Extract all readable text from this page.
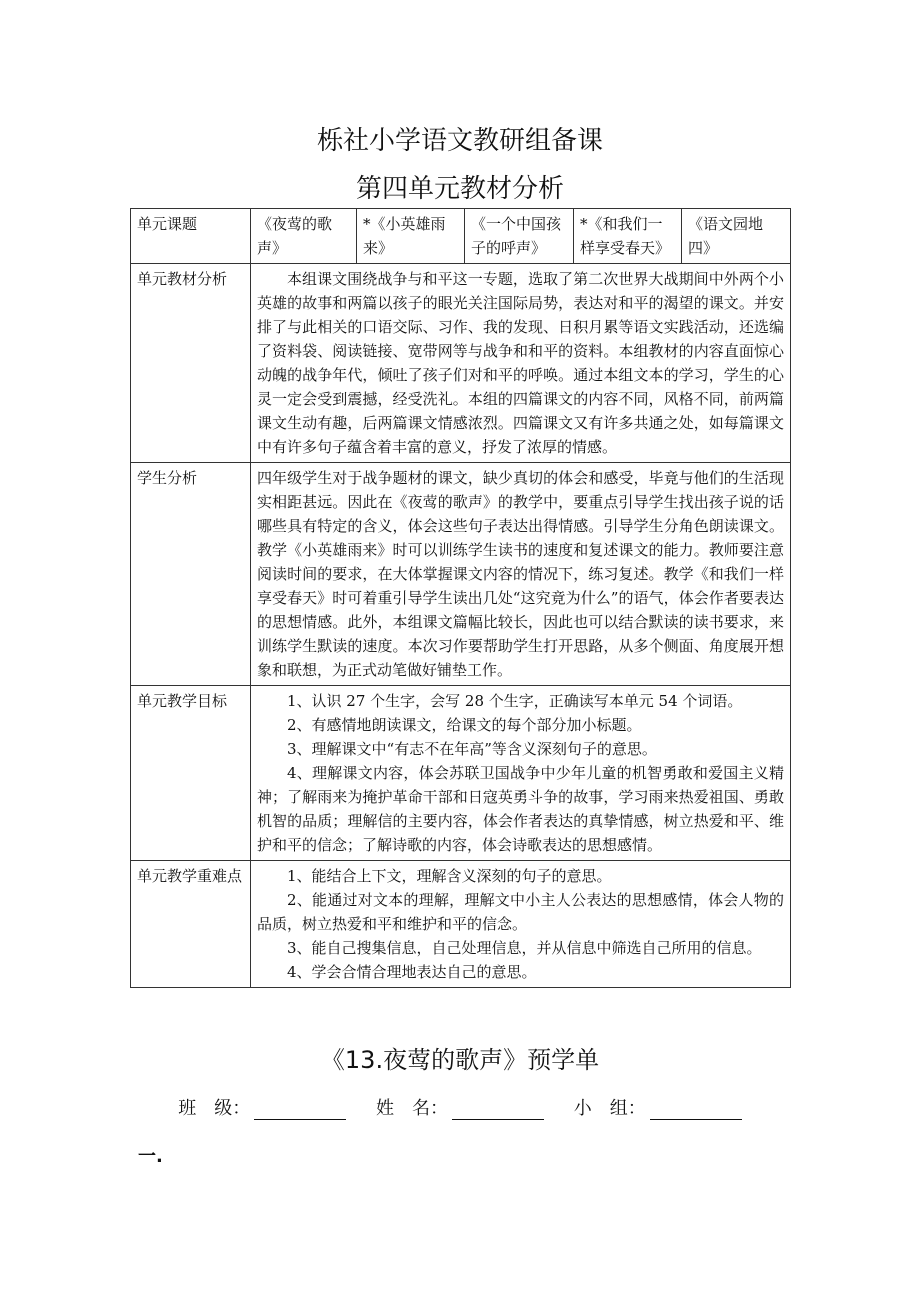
栎社小学语文教研组备课
第四单元教材分析
单元课题	《夜莺的歌声》	*《小英雄雨来》	《一个中国孩子的呼声》	*《和我们一样享受春天》	《语文园地四》
单元教材分析	本组课文围绕战争与和平这一专题，选取了第二次世界大战期间中外两个小英雄的故事和两篇以孩子的眼光关注国际局势，表达对和平的渴望的课文。并安排了与此相关的口语交际、习作、我的发现、日积月累等语文实践活动，还选编了资料袋、阅读链接、宽带网等与战争和和平的资料。本组教材的内容直面惊心动魄的战争年代，倾吐了孩子们对和平的呼唤。通过本组文本的学习，学生的心灵一定会受到震撼，经受洗礼。本组的四篇课文的内容不同，风格不同，前两篇课文生动有趣，后两篇课文情感浓烈。四篇课文又有许多共通之处，如每篇课文中有许多句子蕴含着丰富的意义，抒发了浓厚的情感。				

学生分析	四年级学生对于战争题材的课文，缺少真切的体会和感受，毕竟与他们的生活现实相距甚远。因此在《夜莺的歌声》的教学中，要重点引导学生找出孩子说的话哪些具有特定的含义，体会这些句子表达出得情感。引导学生分角色朗读课文。教学《小英雄雨来》时可以训练学生读书的速度和复述课文的能力。教师要注意阅读时间的要求，在大体掌握课文内容的情况下，练习复述。教学《和我们一样享受春天》时可着重引导学生读出几处“这究竟为什么”的语气，体会作者要表达的思想情感。此外，本组课文篇幅比较长，因此也可以结合默读的读书要求，来训练学生默读的速度。本次习作要帮助学生打开思路，从多个侧面、角度展开想象和联想，为正式动笔做好铺垫工作。				

单元教学目标	1、认识 27 个生字，会写 28 个生字，正确读写本单元 54 个词语。

2、有感情地朗读课文，给课文的每个部分加小标题。

3、理解课文中“有志不在年高”等含义深刻句子的意思。

4、理解课文内容，体会苏联卫国战争中少年儿童的机智勇敢和爱国主义精神；了解雨来为掩护革命干部和日寇英勇斗争的故事，学习雨来热爱祖国、勇敢机智的品质；理解信的主要内容，体会作者表达的真挚情感，树立热爱和平、维护和平的信念；了解诗歌的内容，体会诗歌表达的思想感情。				

单元教学重难点	1、能结合上下文，理解含义深刻的句子的意思。

2、能通过对文本的理解，理解文中小主人公表达的思想感情，体会人物的品质，树立热爱和平和维护和平的信念。

3、能自己搜集信息，自己处理信息，并从信息中筛选自己所用的信息。

4、学会合情合理地表达自己的意思。				

《13.夜莺的歌声》预学单
班　级：	姓　名：	小　组：
一.
